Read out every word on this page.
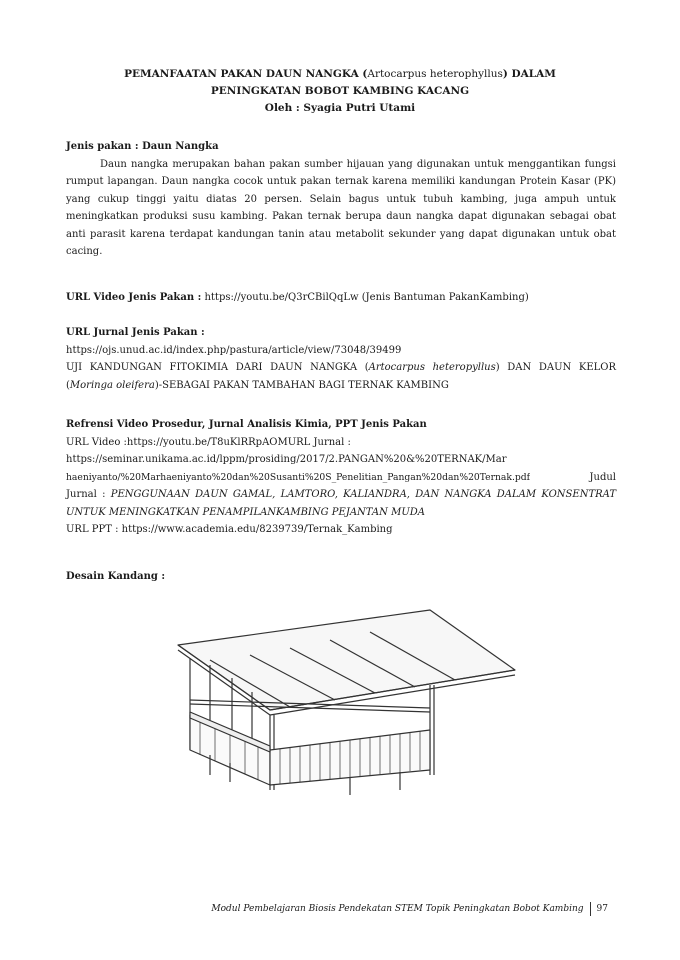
PEMANFAATAN PAKAN DAUN NANGKA (Artocarpus heterophyllus) DALAM
PENINGKATAN BOBOT KAMBING KACANG
Oleh : Syagia Putri Utami
Jenis pakan : Daun Nangka
Daun nangka merupakan bahan pakan sumber hijauan yang digunakan untuk menggantikan fungsi rumput lapangan. Daun nangka cocok untuk pakan ternak karena memiliki kandungan Protein Kasar (PK) yang cukup tinggi yaitu diatas 20 persen. Selain bagus untuk tubuh kambing, juga ampuh untuk meningkatkan produksi susu kambing. Pakan ternak berupa daun nangka dapat digunakan sebagai obat anti parasit karena terdapat kandungan tanin atau metabolit sekunder yang dapat digunakan untuk obat cacing.
URL Video Jenis Pakan : https://youtu.be/Q3rCBilQqLw (Jenis Bantuman PakanKambing)
URL Jurnal Jenis Pakan :
https://ojs.unud.ac.id/index.php/pastura/article/view/73048/39499
UJI KANDUNGAN FITOKIMIA DARI DAUN NANGKA (Artocarpus heteropyllus) DAN DAUN KELOR (Moringa oleifera)-SEBAGAI PAKAN TAMBAHAN BAGI TERNAK KAMBING
Refrensi Video Prosedur, Jurnal Analisis Kimia, PPT Jenis Pakan
URL Video :https://youtu.be/T8uKlRRpAOMURL Jurnal :
https://seminar.unikama.ac.id/lppm/prosiding/2017/2.PANGAN%20&%20TERNAK/Mar
haeniyanto/%20Marhaeniyanto%20dan%20Susanti%20S_Penelitian_Pangan%20dan%20Ternak.pdf	Judul
Jurnal : PENGGUNAAN DAUN GAMAL, LAMTORO, KALIANDRA, DAN NANGKA DALAM KONSENTRAT UNTUK MENINGKATKAN PENAMPILANKAMBING PEJANTAN MUDA
URL PPT : https://www.academia.edu/8239739/Ternak_Kambing
Desain Kandang :
Modul Pembelajaran Biosis Pendekatan STEM Topik Peningkatan Bobot Kambing 97
